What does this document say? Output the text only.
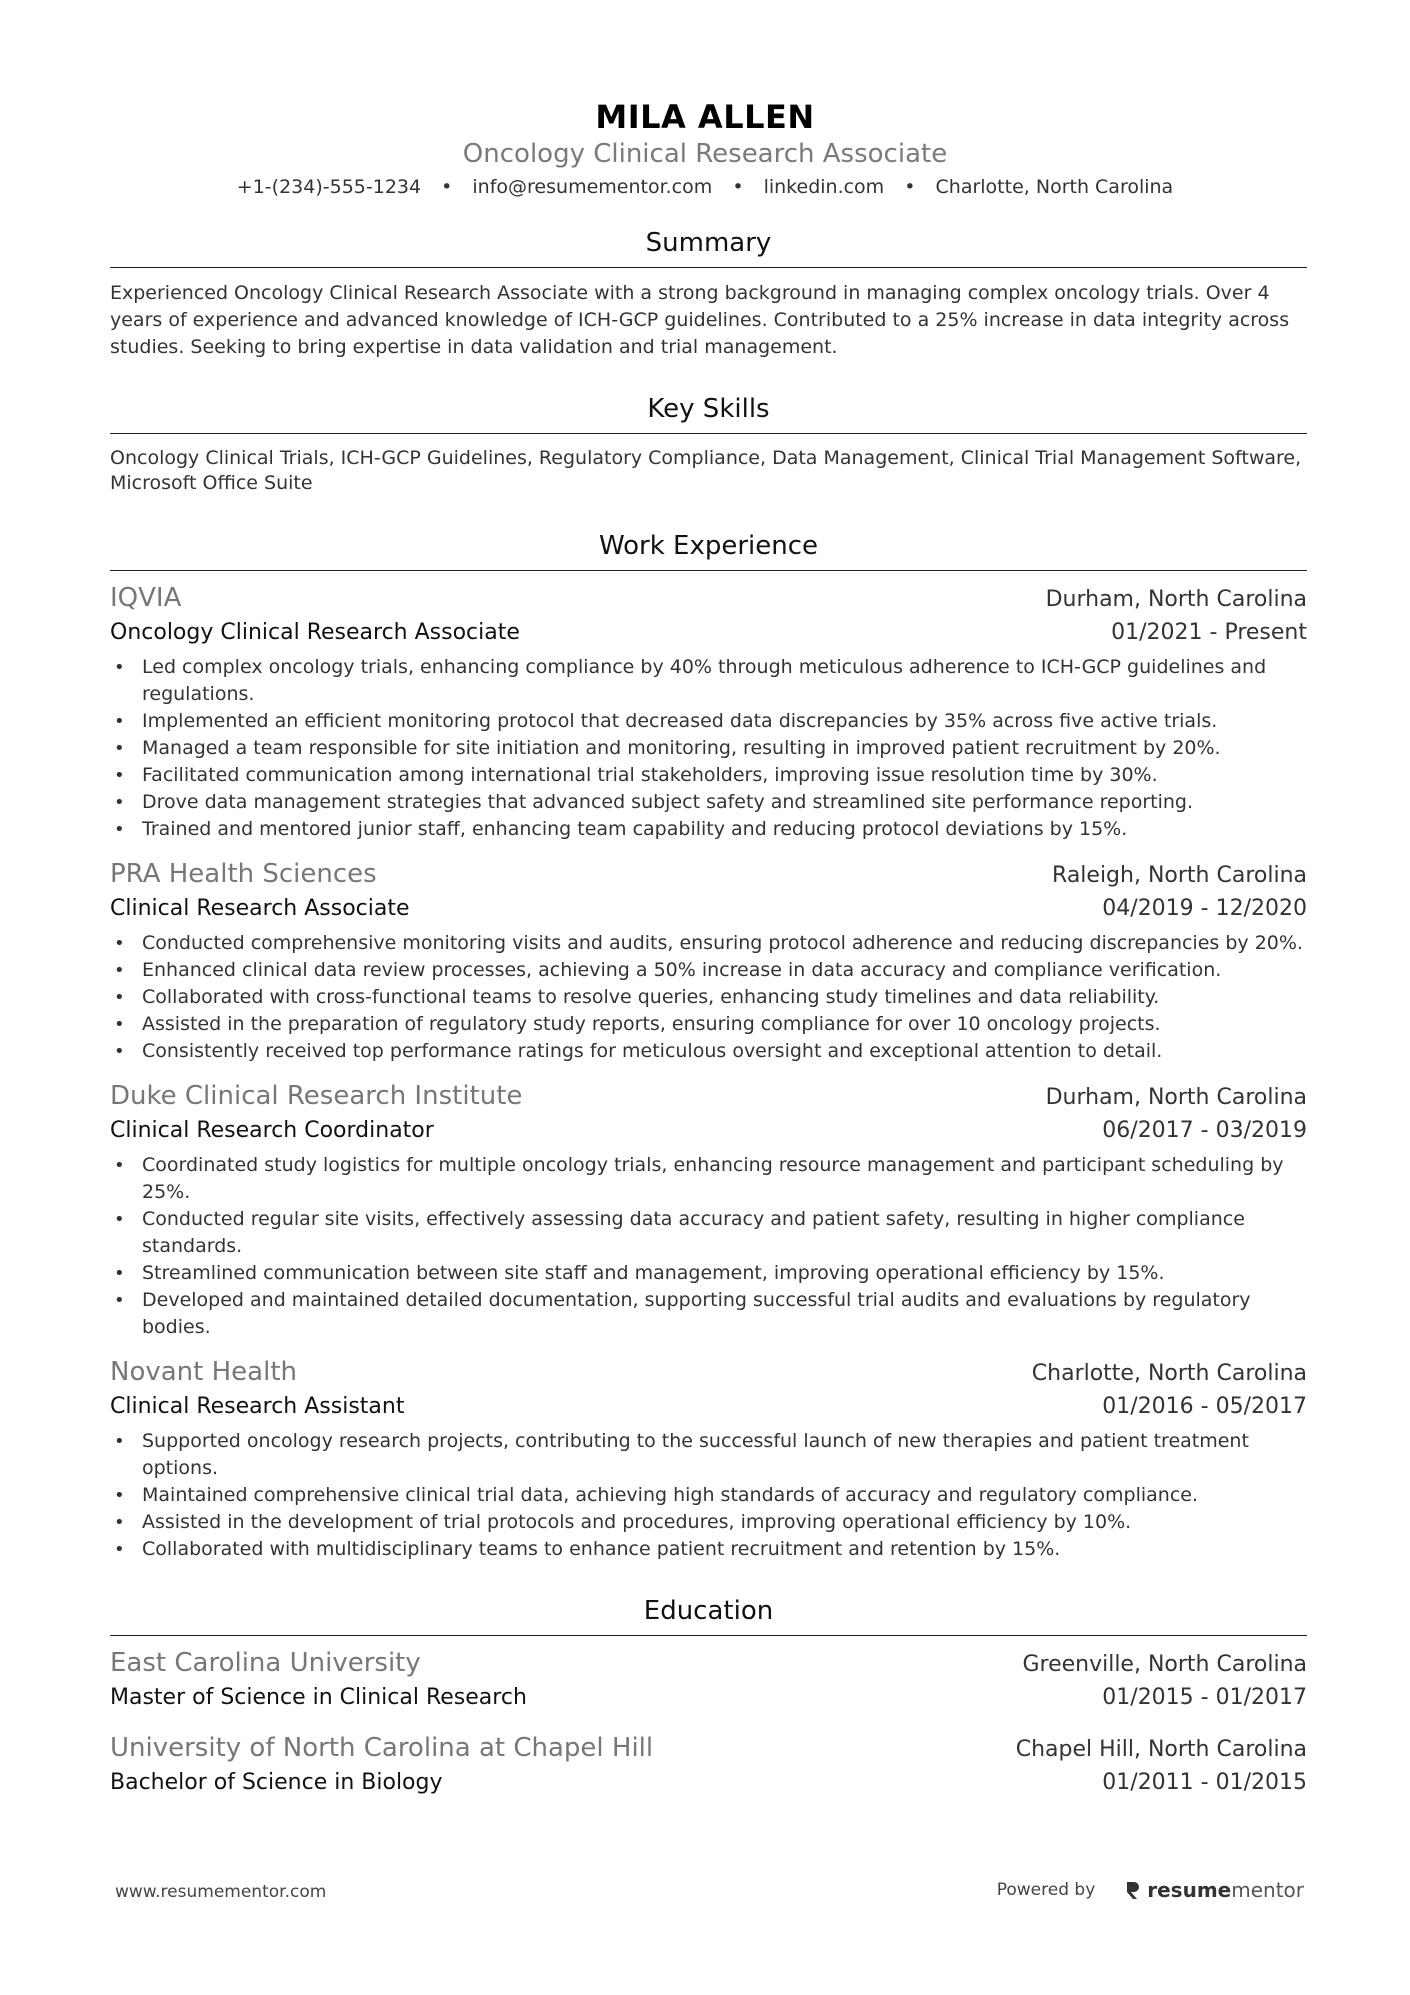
MILA ALLEN
Oncology Clinical Research Associate
+1-(234)-555-1234 • info@resumementor.com • linkedin.com • Charlotte, North Carolina
Summary
Experienced Oncology Clinical Research Associate with a strong background in managing complex oncology trials. Over 4 years of experience and advanced knowledge of ICH-GCP guidelines. Contributed to a 25% increase in data integrity across studies. Seeking to bring expertise in data validation and trial management.
Key Skills
Oncology Clinical Trials, ICH-GCP Guidelines, Regulatory Compliance, Data Management, Clinical Trial Management Software, Microsoft Office Suite
Work Experience
IQVIA	Durham, North Carolina
Oncology Clinical Research Associate	01/2021 - Present
• Led complex oncology trials, enhancing compliance by 40% through meticulous adherence to ICH-GCP guidelines and regulations.
• Implemented an efficient monitoring protocol that decreased data discrepancies by 35% across five active trials.
• Managed a team responsible for site initiation and monitoring, resulting in improved patient recruitment by 20%.
• Facilitated communication among international trial stakeholders, improving issue resolution time by 30%.
• Drove data management strategies that advanced subject safety and streamlined site performance reporting.
• Trained and mentored junior staff, enhancing team capability and reducing protocol deviations by 15%.
PRA Health Sciences	Raleigh, North Carolina
Clinical Research Associate	04/2019 - 12/2020
• Conducted comprehensive monitoring visits and audits, ensuring protocol adherence and reducing discrepancies by 20%.
• Enhanced clinical data review processes, achieving a 50% increase in data accuracy and compliance verification.
• Collaborated with cross-functional teams to resolve queries, enhancing study timelines and data reliability.
• Assisted in the preparation of regulatory study reports, ensuring compliance for over 10 oncology projects.
• Consistently received top performance ratings for meticulous oversight and exceptional attention to detail.
Duke Clinical Research Institute	Durham, North Carolina
Clinical Research Coordinator	06/2017 - 03/2019
• Coordinated study logistics for multiple oncology trials, enhancing resource management and participant scheduling by 25%.
• Conducted regular site visits, effectively assessing data accuracy and patient safety, resulting in higher compliance standards.
• Streamlined communication between site staff and management, improving operational efficiency by 15%.
• Developed and maintained detailed documentation, supporting successful trial audits and evaluations by regulatory bodies.
Novant Health	Charlotte, North Carolina
Clinical Research Assistant	01/2016 - 05/2017
• Supported oncology research projects, contributing to the successful launch of new therapies and patient treatment options.
• Maintained comprehensive clinical trial data, achieving high standards of accuracy and regulatory compliance.
• Assisted in the development of trial protocols and procedures, improving operational efficiency by 10%.
• Collaborated with multidisciplinary teams to enhance patient recruitment and retention by 15%.
Education
East Carolina University	Greenville, North Carolina
Master of Science in Clinical Research	01/2015 - 01/2017
University of North Carolina at Chapel Hill	Chapel Hill, North Carolina
Bachelor of Science in Biology	01/2011 - 01/2015
www.resumementor.com	Powered by	resume mentor
